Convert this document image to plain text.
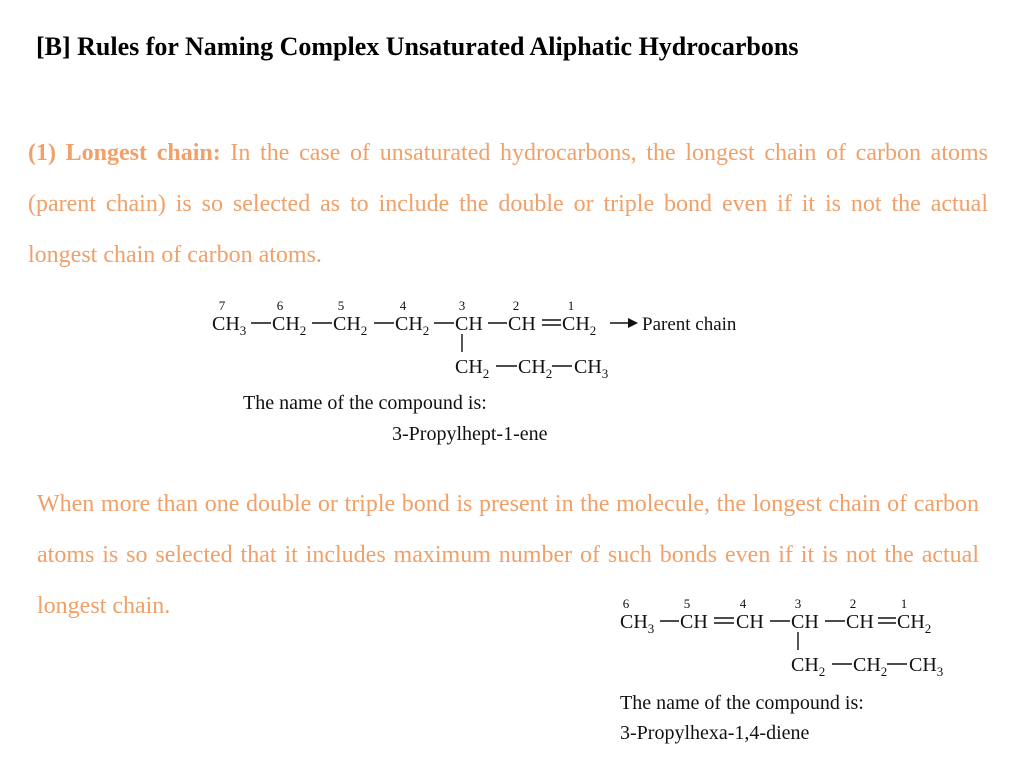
[B] Rules for Naming Complex Unsaturated Aliphatic Hydrocarbons
(1) Longest chain: In the case of unsaturated hydrocarbons, the longest chain of carbon atoms (parent chain) is so selected as to include the double or triple bond even if it is not the actual longest chain of carbon atoms.
7	6	5	4	3	2	1
$CH_3$ $CH_2$ $CH_2$ $CH_2$ CH CH $CH_2$ Parent chain
$CH_2$ $CH_2$ $CH_3$
The name of the compound is:
3-Propylhept-1-ene
When more than one double or triple bond is present in the molecule, the longest chain of carbon atoms is so selected that it includes maximum number of such bonds even if it is not the actual longest chain.	6	5	4	3	2	1
$CH_3$ CH CH CH CH $CH_2$
$CH_2$ $CH_2$ $CH_3$
The name of the compound is:
3-Propylhexa-1,4-diene
